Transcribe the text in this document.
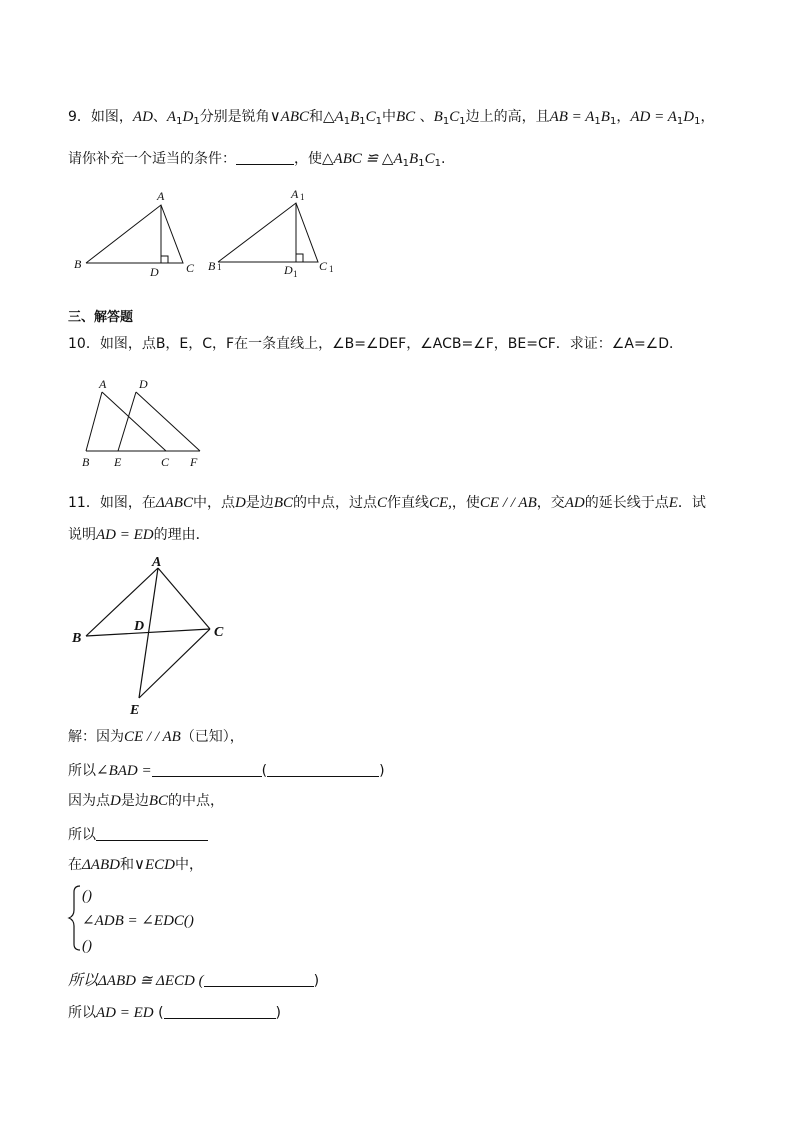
9．如图，AD、$A_1D_1$分别是锐角∨ABC和$\triangle A_1B_1C_1$中BC 、$B_1C_1$边上的高，且AB = $A_1B_1$，AD = $A_1D_1$，
请你补充一个适当的条件：	，使△ABC ≌ $\triangle A_1B_1C_1$.
A
B	C
D
A 1
B 1	C 1
D 1
三、解答题
10．如图，点B，E，C，F在一条直线上，∠B=∠DEF，∠ACB=∠F，BE=CF．求证：∠A=∠D．
A	D
B E	C F
11．如图，在ΔABC中，点D是边BC的中点，过点C作直线CE,，使CE / / AB，交AD的延长线于点E．试
说明AD = ED的理由．
A
B	C
D
E
解：因为CE / / AB（已知），
所以∠BAD =	(	)
因为点D是边BC的中点，
所以
在ΔABD和∨ECD中，
()
∠ADB = ∠EDC()
()
所以ΔABD ≅ ΔECD (	)
所以AD = ED (	)
